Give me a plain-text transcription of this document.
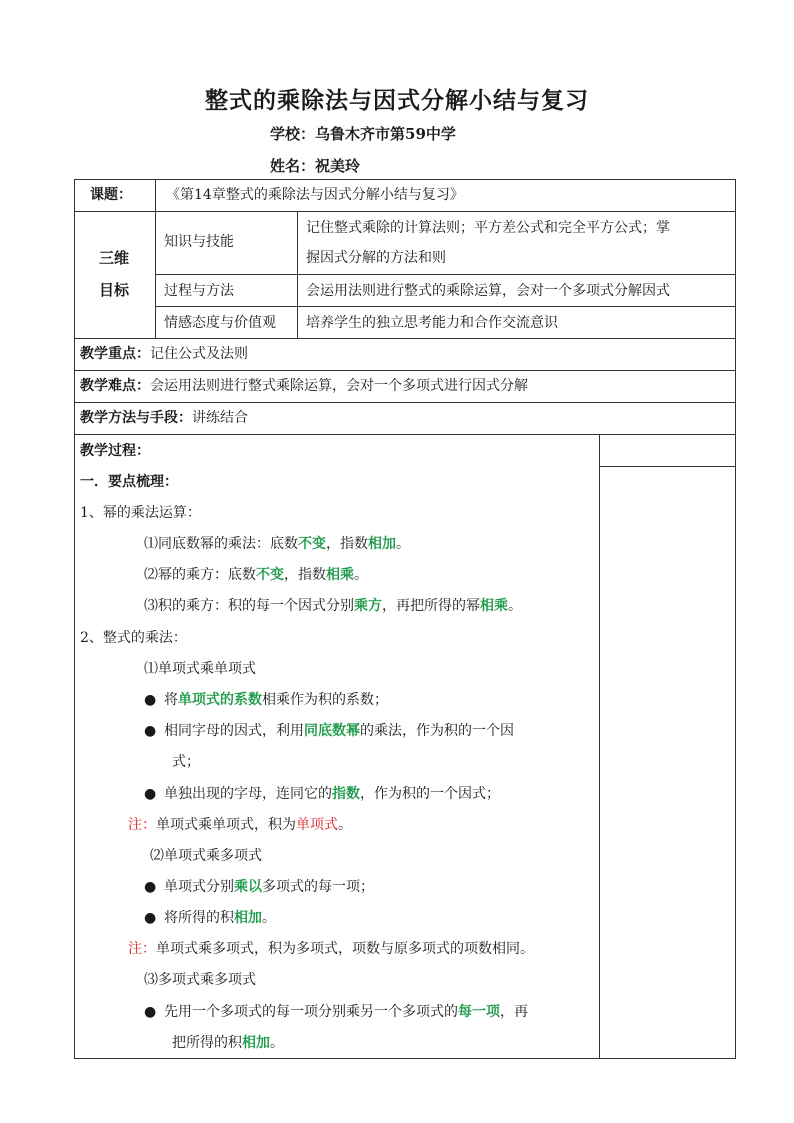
整式的乘除法与因式分解小结与复习
学校：乌鲁木齐市第59中学
姓名：祝美玲
课题： 《第14章整式的乘除法与因式分解小结与复习》
三维
目标
知识与技能
记住整式乘除的计算法则；平方差公式和完全平方公式；掌
握因式分解的方法和则
过程与方法	会运用法则进行整式的乘除运算，会对一个多项式分解因式
情感态度与价值观 培养学生的独立思考能力和合作交流意识
教学重点：记住公式及法则
教学难点：会运用法则进行整式乘除运算，会对一个多项式进行因式分解
教学方法与手段：讲练结合
教学过程：
一．要点梳理：
1、幂的乘法运算：
⑴同底数幂的乘法：底数不变，指数相加。
⑵幂的乘方：底数不变，指数相乘。
⑶积的乘方：积的每一个因式分别乘方，再把所得的幂相乘。
2、整式的乘法：
⑴单项式乘单项式
● 将单项式的系数相乘作为积的系数；
● 相同字母的因式，利用同底数幂的乘法，作为积的一个因
式；
● 单独出现的字母，连同它的指数，作为积的一个因式；
注：单项式乘单项式，积为单项式。
⑵单项式乘多项式
● 单项式分别乘以多项式的每一项；
● 将所得的积相加。
注：单项式乘多项式，积为多项式，项数与原多项式的项数相同。
⑶多项式乘多项式
● 先用一个多项式的每一项分别乘另一个多项式的每一项，再
把所得的积相加。
